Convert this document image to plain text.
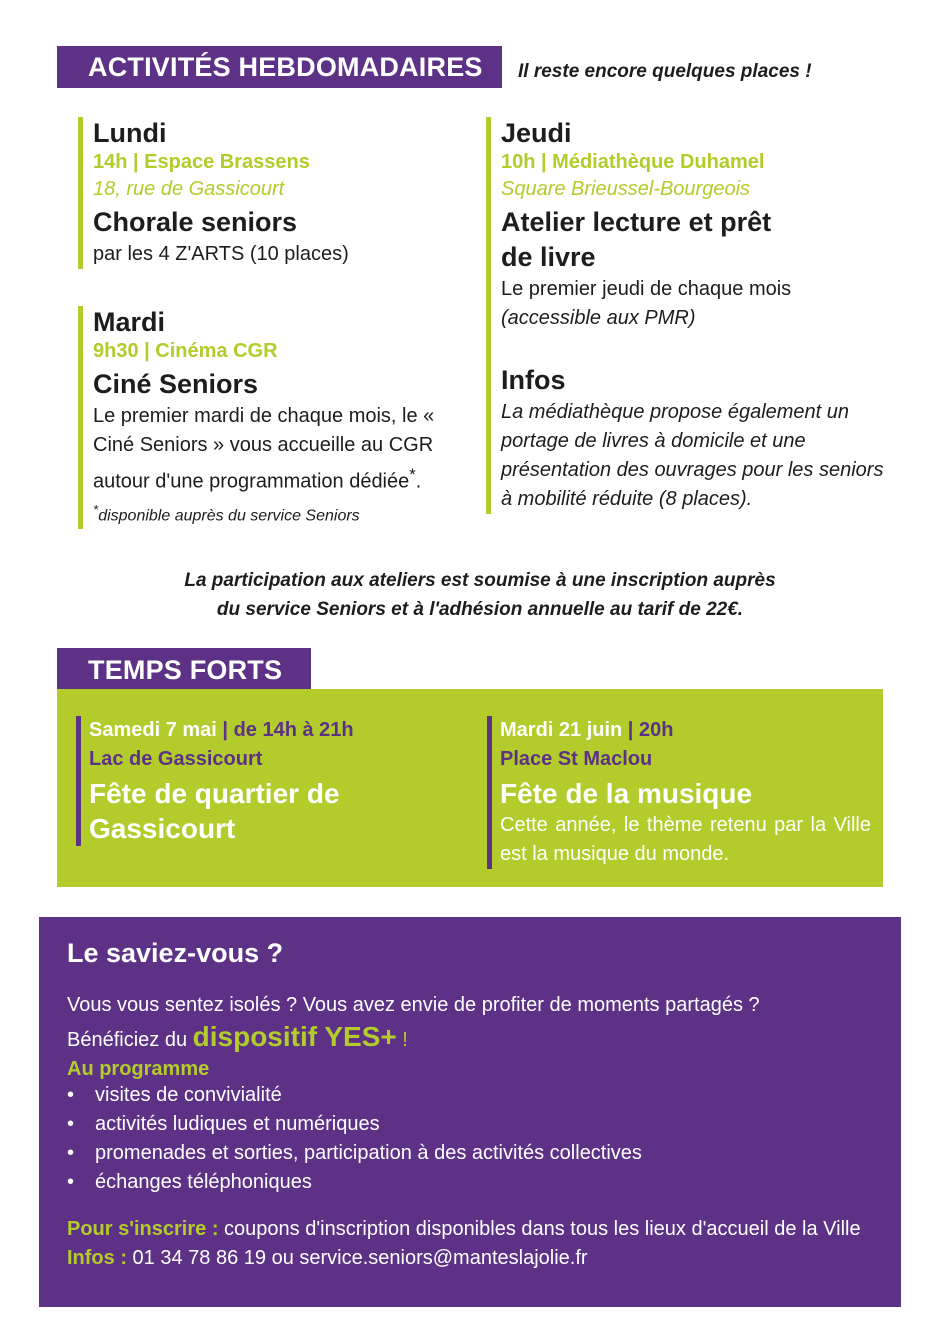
ACTIVITÉS HEBDOMADAIRES	Il reste encore quelques places !
Lundi
14h | Espace Brassens
18, rue de Gassicourt
Chorale seniors
par les 4 Z'ARTS (10 places)
Mardi
9h30 | Cinéma CGR
Ciné Seniors
Le premier mardi de chaque mois, le « Ciné Seniors » vous accueille au CGR autour d'une programmation dédiée*.
*disponible auprès du service Seniors
Jeudi
10h | Médiathèque Duhamel
Square Brieussel-Bourgeois
Atelier lecture et prêt
de livre
Le premier jeudi de chaque mois
(accessible aux PMR)
Infos
La médiathèque propose également un portage de livres à domicile et une présentation des ouvrages pour les seniors à mobilité réduite (8 places).
La participation aux ateliers est soumise à une inscription auprès
du service Seniors et à l'adhésion annuelle au tarif de 22€.
TEMPS FORTS
Samedi 7 mai | de 14h à 21h
Lac de Gassicourt
Fête de quartier de
Gassicourt
Mardi 21 juin | 20h
Place St Maclou
Fête de la musique
Cette année, le thème retenu par la Ville est la musique du monde.
Le saviez-vous ?
Vous vous sentez isolés ? Vous avez envie de profiter de moments partagés ?
Bénéficiez du dispositif YES+ !
Au programme
• visites de convivialité
• activités ludiques et numériques
• promenades et sorties, participation à des activités collectives
• échanges téléphoniques
Pour s'inscrire : coupons d'inscription disponibles dans tous les lieux d'accueil de la Ville
Infos : 01 34 78 86 19 ou service.seniors@manteslajolie.fr
